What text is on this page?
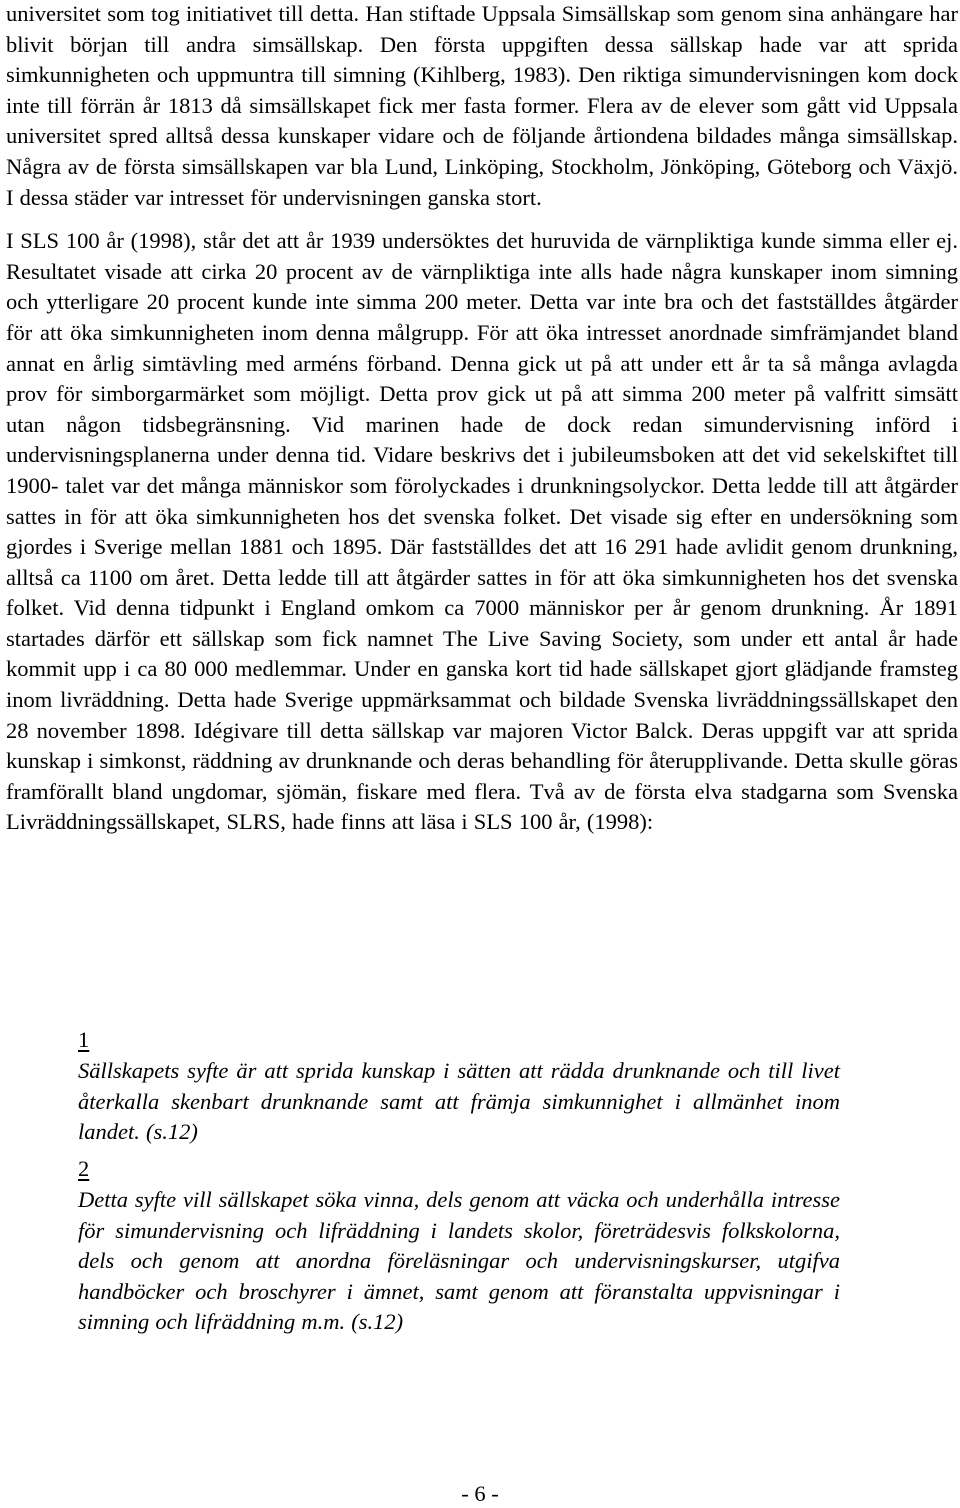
universitet som tog initiativet till detta. Han stiftade Uppsala Simsällskap som genom sina anhängare har blivit början till andra simsällskap. Den första uppgiften dessa sällskap hade var att sprida simkunnigheten och uppmuntra till simning (Kihlberg, 1983). Den riktiga simundervisningen kom dock inte till förrän år 1813 då simsällskapet fick mer fasta former. Flera av de elever som gått vid Uppsala universitet spred alltså dessa kunskaper vidare och de följande årtiondena bildades många simsällskap. Några av de första simsällskapen var bla Lund, Linköping, Stockholm, Jönköping, Göteborg och Växjö. I dessa städer var intresset för undervisningen ganska stort.

I SLS 100 år (1998), står det att år 1939 undersöktes det huruvida de värnpliktiga kunde simma eller ej. Resultatet visade att cirka 20 procent av de värnpliktiga inte alls hade några kunskaper inom simning och ytterligare 20 procent kunde inte simma 200 meter. Detta var inte bra och det fastställdes åtgärder för att öka simkunnigheten inom denna målgrupp. För att öka intresset anordnade simfrämjandet bland annat en årlig simtävling med arméns förband. Denna gick ut på att under ett år ta så många avlagda prov för simborgarmärket som möjligt. Detta prov gick ut på att simma 200 meter på valfritt simsätt utan någon tidsbegränsning. Vid marinen hade de dock redan simundervisning införd i undervisningsplanerna under denna tid. Vidare beskrivs det i jubileumsboken att det vid sekelskiftet till 1900- talet var det många människor som förolyckades i drunkningsolyckor. Detta ledde till att åtgärder sattes in för att öka simkunnigheten hos det svenska folket. Det visade sig efter en undersökning som gjordes i Sverige mellan 1881 och 1895. Där fastställdes det att 16 291 hade avlidit genom drunkning, alltså ca 1100 om året. Detta ledde till att åtgärder sattes in för att öka simkunnigheten hos det svenska folket. Vid denna tidpunkt i England omkom ca 7000 människor per år genom drunkning. År 1891 startades därför ett sällskap som fick namnet The Live Saving Society, som under ett antal år hade kommit upp i ca 80 000 medlemmar. Under en ganska kort tid hade sällskapet gjort glädjande framsteg inom livräddning. Detta hade Sverige uppmärksammat och bildade Svenska livräddningssällskapet den 28 november 1898. Idégivare till detta sällskap var majoren Victor Balck. Deras uppgift var att sprida kunskap i simkonst, räddning av drunknande och deras behandling för återupplivande. Detta skulle göras framförallt bland ungdomar, sjömän, fiskare med flera. Två av de första elva stadgarna som Svenska Livräddningssällskapet, SLRS, hade finns att läsa i SLS 100 år, (1998):

1

Sällskapets syfte är att sprida kunskap i sätten att rädda drunknande och till livet återkalla skenbart drunknande samt att främja simkunnighet i allmänhet inom landet. (s.12)

2

Detta syfte vill sällskapet söka vinna, dels genom att väcka och underhålla intresse för simundervisning och lifräddning i landets skolor, företrädesvis folkskolorna, dels och genom att anordna föreläsningar och undervisningskurser, utgifva handböcker och broschyrer i ämnet, samt genom att föranstalta uppvisningar i simning och lifräddning m.m. (s.12)

- 6 -
